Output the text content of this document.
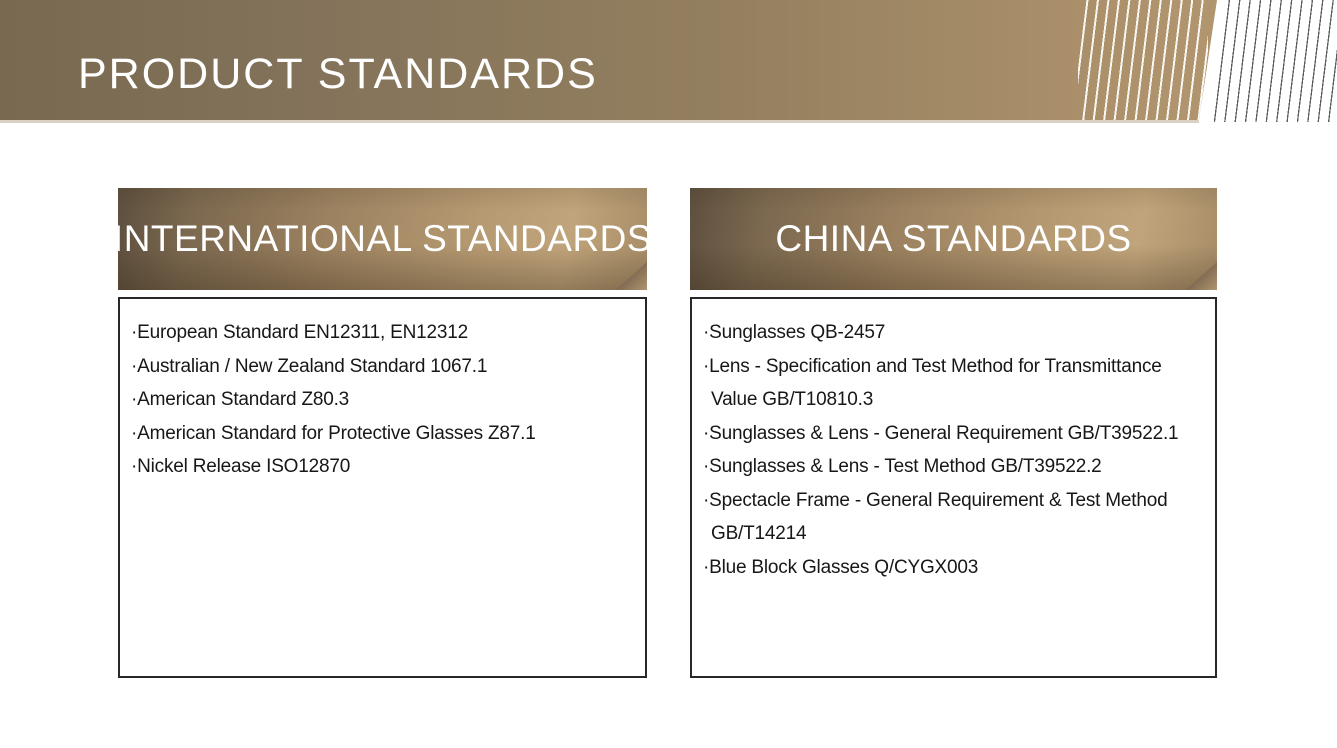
PRODUCT STANDARDS
INTERNATIONAL STANDARDS
·European Standard EN12311, EN12312
·Australian / New Zealand Standard 1067.1
·American Standard Z80.3
·American Standard for Protective Glasses Z87.1
·Nickel Release ISO12870
CHINA STANDARDS
·Sunglasses QB-2457
·Lens - Specification and Test Method for Transmittance
Value GB/T10810.3
·Sunglasses & Lens - General Requirement GB/T39522.1
·Sunglasses & Lens - Test Method GB/T39522.2
·Spectacle Frame - General Requirement & Test Method
GB/T14214
·Blue Block Glasses Q/CYGX003
